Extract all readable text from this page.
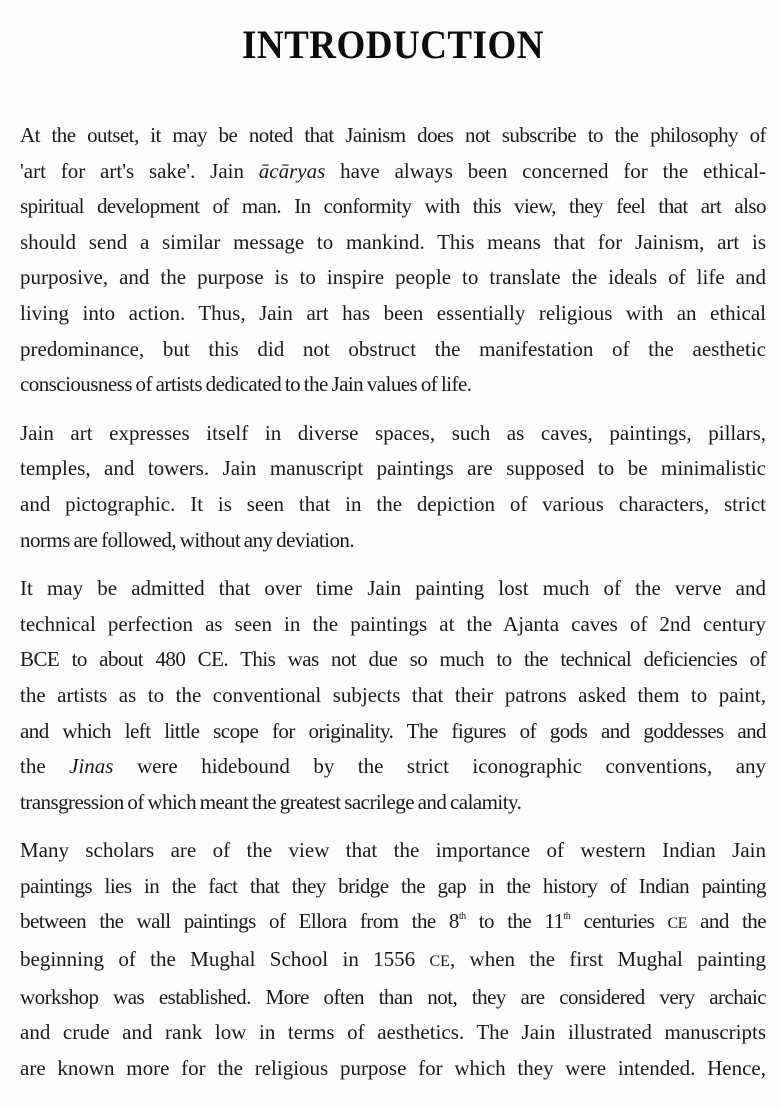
INTRODUCTION

At the outset, it may be noted that Jainism does not subscribe to the philosophy of
'art for art's sake'. Jain ācāryas have always been concerned for the ethical-
spiritual development of man. In conformity with this view, they feel that art also
should send a similar message to mankind. This means that for Jainism, art is
purposive, and the purpose is to inspire people to translate the ideals of life and
living into action. Thus, Jain art has been essentially religious with an ethical
predominance, but this did not obstruct the manifestation of the aesthetic
consciousness of artists dedicated to the Jain values of life.

Jain art expresses itself in diverse spaces, such as caves, paintings, pillars,
temples, and towers. Jain manuscript paintings are supposed to be minimalistic
and pictographic. It is seen that in the depiction of various characters, strict
norms are followed, without any deviation.

It may be admitted that over time Jain painting lost much of the verve and
technical perfection as seen in the paintings at the Ajanta caves of 2nd century
BCE to about 480 CE. This was not due so much to the technical deficiencies of
the artists as to the conventional subjects that their patrons asked them to paint,
and which left little scope for originality. The figures of gods and goddesses and
the Jinas were hidebound by the strict iconographic conventions, any
transgression of which meant the greatest sacrilege and calamity.

Many scholars are of the view that the importance of western Indian Jain
paintings lies in the fact that they bridge the gap in the history of Indian painting
between the wall paintings of Ellora from the 8th to the 11th centuries CE and the
beginning of the Mughal School in 1556 CE, when the first Mughal painting
workshop was established. More often than not, they are considered very archaic
and crude and rank low in terms of aesthetics. The Jain illustrated manuscripts
are known more for the religious purpose for which they were intended. Hence,
